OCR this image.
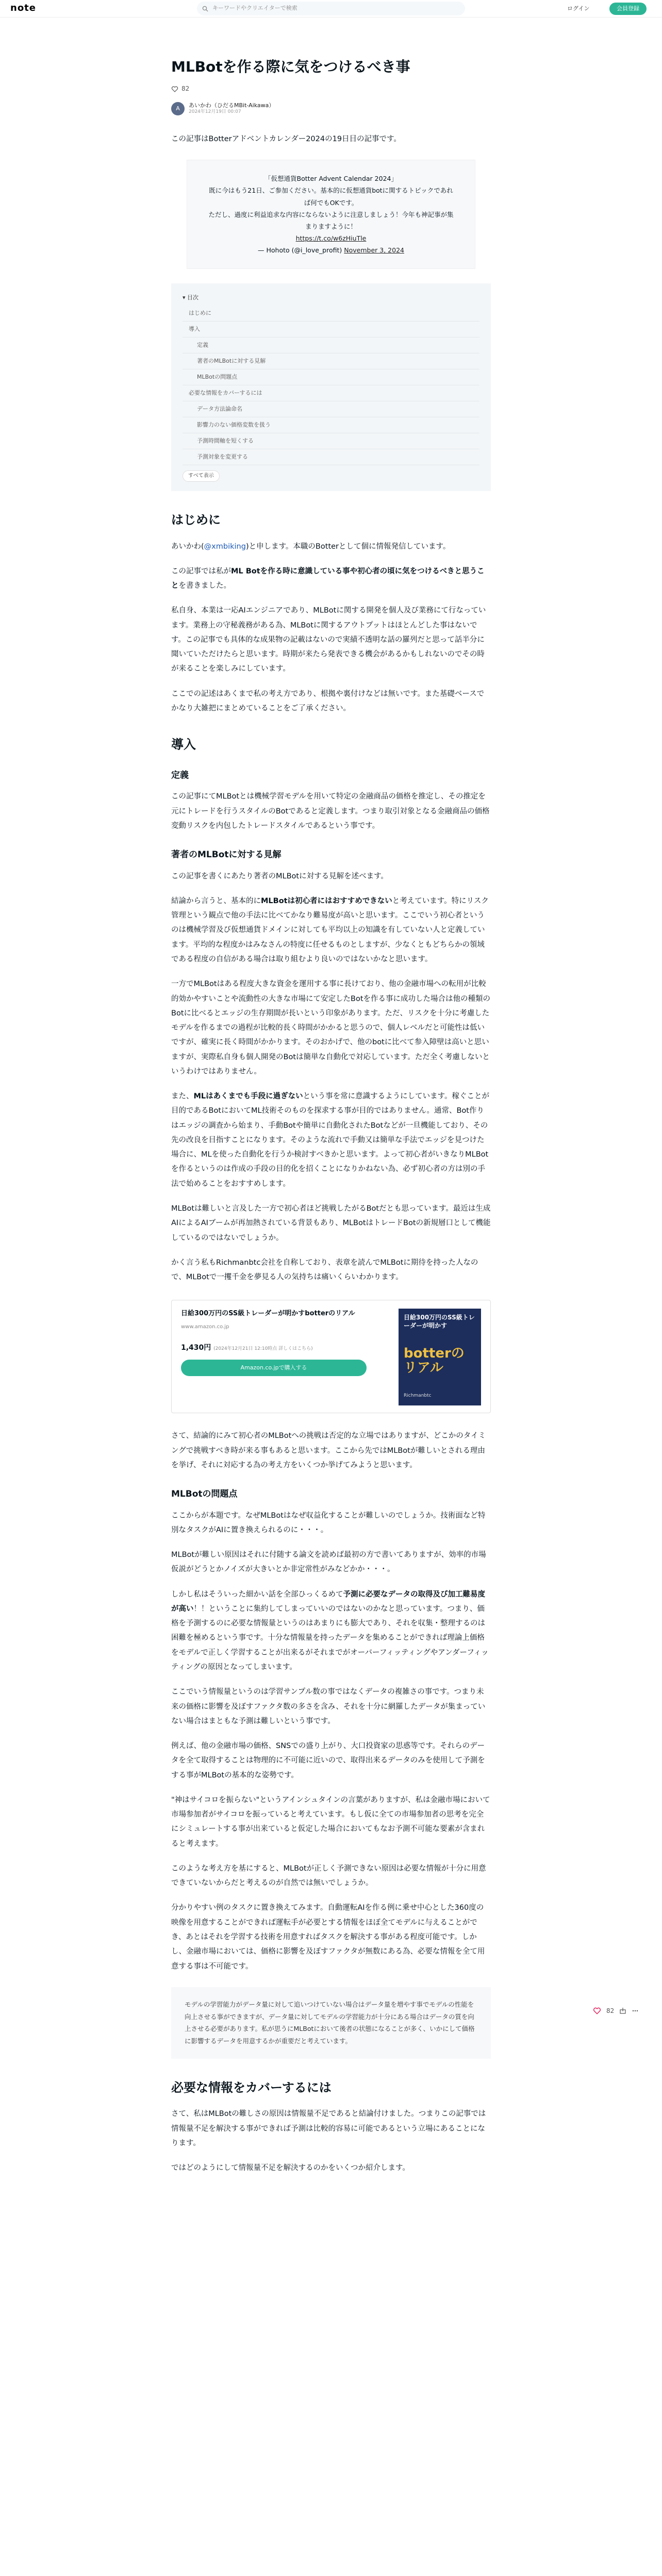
note	キーワードやクリエイターで検索	ログイン	会員登録
MLBotを作る際に気をつけるべき事
82
A	あいかわ（ひだるMBit-Aikawa）
2024年12月19日 00:07

この記事はBotterアドベントカレンダー2024の19日目の記事です。

「仮想通貨Botter Advent Calendar 2024」
既に今はもう21日、ご参加ください。基本的に仮想通貨botに関するトピックであれば何でもOKです。
ただし、過度に利益追求な内容にならないように注意しましょう！今年も神記事が集まりますように！
https://t.co/w6zHiuTle
— Hohoto (@i_love_profit) November 3, 2024
▾ 目次
はじめに
導入
定義
著者のMLBotに対する見解
MLBotの問題点
必要な情報をカバーするには
データ方法論命名
影響力のない価格変数を扱う
予測時間軸を短くする
予測対象を変更する
すべて表示
はじめに

あいかわ(@xmbiking)と申します。本職のBotterとして個に情報発信しています。

この記事では私がML Botを作る時に意識している事や初心者の頃に気をつけるべきと思うことを書きました。

私自身、本業は一応AIエンジニアであり、MLBotに関する開発を個人及び業務にて行なっています。業務上の守秘義務がある為、MLBotに関するアウトプットはほとんどした事はないです。この記事でも具体的な成果物の記載はないので実績不透明な話の羅列だと思って話半分に聞いていただけたらと思います。時期が来たら発表できる機会があるかもしれないのでその時が来ることを楽しみにしています。

ここでの記述はあくまで私の考え方であり、根拠や裏付けなどは無いです。また基礎ベースでかなり大雑把にまとめていることをご了承ください。

導入
定義

この記事にてMLBotとは機械学習モデルを用いて特定の金融商品の価格を推定し、その推定を元にトレードを行うスタイルのBotであると定義します。つまり取引対象となる金融商品の価格変動リスクを内包したトレードスタイルであるという事です。

著者のMLBotに対する見解

この記事を書くにあたり著者のMLBotに対する見解を述べます。

結論から言うと、基本的にMLBotは初心者にはおすすめできないと考えています。特にリスク管理という観点で他の手法に比べてかなり難易度が高いと思います。ここでいう初心者というのは機械学習及び仮想通貨ドメインに対しても平均以上の知識を有していない人と定義しています。平均的な程度かはみなさんの特度に任せるものとしますが、少なくともどちらかの領域である程度の自信がある場合は取り組むより良いのではないかなと思います。

一方でMLBotはある程度大きな資金を運用する事に長けており、他の金融市場への転用が比較的効かやすいことや流動性の大きな市場にて安定したBotを作る事に成功した場合は他の種類のBotに比べるとエッジの生存期間が長いという印象があります。ただ、リスクを十分に考慮したモデルを作るまでの過程が比較的長く時間がかかると思うので、個人レベルだと可能性は低いですが、確実に長く時間がかかります。そのおかげで、他のbotに比べて参入障壁は高いと思いますが、実際私自身も個人開発のBotは簡単な自動化で対応しています。ただ全く考慮しないというわけではありません。

また、MLはあくまでも手段に過ぎないという事を常に意識するようにしています。稼ぐことが目的であるBotにおいてML技術そのものを探求する事が目的ではありません。通常、Bot作りはエッジの調査から始まり、手動Botや簡単に自動化されたBotなどが一旦機能しており、その先の改良を目指すことになります。そのような流れで手動又は簡単な手法でエッジを見つけた場合に、MLを使った自動化を行うか検討すべきかと思います。よって初心者がいきなりMLBotを作るというのは作成の手段の目的化を招くことになりかねない為、必ず初心者の方は別の手法で始めることをおすすめします。

MLBotは難しいと言及した一方で初心者ほど挑戦したがるBotだとも思っています。最近は生成AIによるAIブームが再加熱されている背景もあり、MLBotはトレードBotの新規層口として機能しているのではないでしょうか。

かく言う私もRichmanbtc会社を自称しており、表章を読んでMLBotに期待を持った人なので、MLBotで一攫千金を夢見る人の気持ちは痛いくらいわかります。

日給300万円のSS級トレーダーが明かすbotterのリアル
www.amazon.co.jp
1,430円 (2024年12月21日 12:10時点 詳しくはこちら)
Amazon.co.jpで購入する
日給300万円のSS級トレーダーが明かす
botterのリアル
Richmanbtc

さて、結論的にみて初心者のMLBotへの挑戦は否定的な立場ではありますが、どこかのタイミングで挑戦すべき時が来る事もあると思います。ここから先ではMLBotが難しいとされる理由を挙げ、それに対応する為の考え方をいくつか挙げてみようと思います。

MLBotの問題点

ここからが本題です。なぜMLBotはなぜ収益化することが難しいのでしょうか。技術面など特別なタスクがAIに置き換えられるのに・・・。

MLBotが難しい原因はそれに付随する論文を読めば最初の方で書いてありますが、効率的市場仮説がどうとかノイズが大きいとか非定常性がみなどかか・・・。

しかし私はそういった細かい話を全部ひっくるめて予測に必要なデータの取得及び加工難易度が高い！！ということに集約してしまっていいのではないのかなと思っています。つまり、価格を予測するのに必要な情報量というのはあまりにも膨大であり、それを収集・整理するのは困難を極めるという事です。十分な情報量を持ったデータを集めることができれば理論上価格をモデルで正しく学習することが出来るがそれまでがオーバーフィッティングやアンダーフィッティングの原因となってしまいます。

ここでいう情報量というのは学習サンプル数の事ではなくデータの複雑さの事です。つまり未来の価格に影響を及ぼすファクタ数の多さを含み、それを十分に網羅したデータが集まっていない場合はまともな予測は難しいという事です。

例えば、他の金融市場の価格、SNSでの盛り上がり、大口投資家の思惑等です。それらのデータを全て取得することは物理的に不可能に近いので、取得出来るデータのみを使用して予測をする事がMLBotの基本的な姿勢です。

"神はサイコロを振らない"というアインシュタインの言葉がありますが、私は金融市場において市場参加者がサイコロを振っていると考えています。もし仮に全ての市場参加者の思考を完全にシミュレートする事が出来ていると仮定した場合においてもなお予測不可能な要素が含まれると考えます。

このような考え方を基にすると、MLBotが正しく予測できない原因は必要な情報が十分に用意できていないからだと考えるのが自然では無いでしょうか。

分かりやすい例のタスクに置き換えてみます。自動運転AIを作る例に乗せ中心とした360度の映像を用意することができれば運転手が必要とする情報をほぼ全てモデルに与えることができ、あとはそれを学習する技術を用意すればタスクを解決する事がある程度可能です。しかし、金融市場においては、価格に影響を及ぼすファクタが無数にある為、必要な情報を全て用意する事は不可能です。

モデルの学習能力がデータ量に対して追いつけていない場合はデータ量を増やす事でモデルの性能を向上させる事ができますが、データ量に対してモデルの学習能力が十分にある場合はデータの質を向上させる必要があります。私が思うにMLBotにおいて後者の状態になることが多く、いかにして価格に影響するデータを用意するかが重要だと考えています。
必要な情報をカバーするには

さて、私はMLBotの難しさの原因は情報量不足であると結論付けました。つまりこの記事では情報量不足を解決する事ができれば予測は比較的容易に可能であるという立場にあることになります。

ではどのようにして情報量不足を解決するのかをいくつか紹介します。

82
